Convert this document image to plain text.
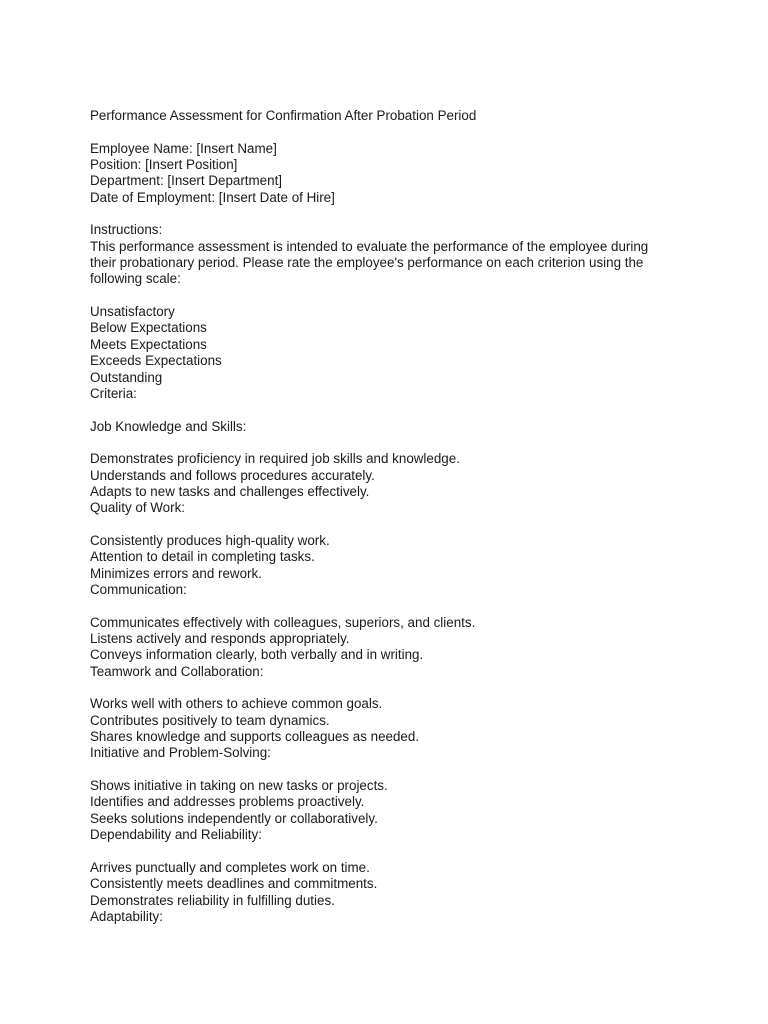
Performance Assessment for Confirmation After Probation Period
Employee Name: [Insert Name]
Position: [Insert Position]
Department: [Insert Department]
Date of Employment: [Insert Date of Hire]
Instructions:
This performance assessment is intended to evaluate the performance of the employee during
their probationary period. Please rate the employee's performance on each criterion using the
following scale:
Unsatisfactory
Below Expectations
Meets Expectations
Exceeds Expectations
Outstanding
Criteria:
Job Knowledge and Skills:
Demonstrates proficiency in required job skills and knowledge.
Understands and follows procedures accurately.
Adapts to new tasks and challenges effectively.
Quality of Work:
Consistently produces high-quality work.
Attention to detail in completing tasks.
Minimizes errors and rework.
Communication:
Communicates effectively with colleagues, superiors, and clients.
Listens actively and responds appropriately.
Conveys information clearly, both verbally and in writing.
Teamwork and Collaboration:
Works well with others to achieve common goals.
Contributes positively to team dynamics.
Shares knowledge and supports colleagues as needed.
Initiative and Problem-Solving:
Shows initiative in taking on new tasks or projects.
Identifies and addresses problems proactively.
Seeks solutions independently or collaboratively.
Dependability and Reliability:
Arrives punctually and completes work on time.
Consistently meets deadlines and commitments.
Demonstrates reliability in fulfilling duties.
Adaptability:
